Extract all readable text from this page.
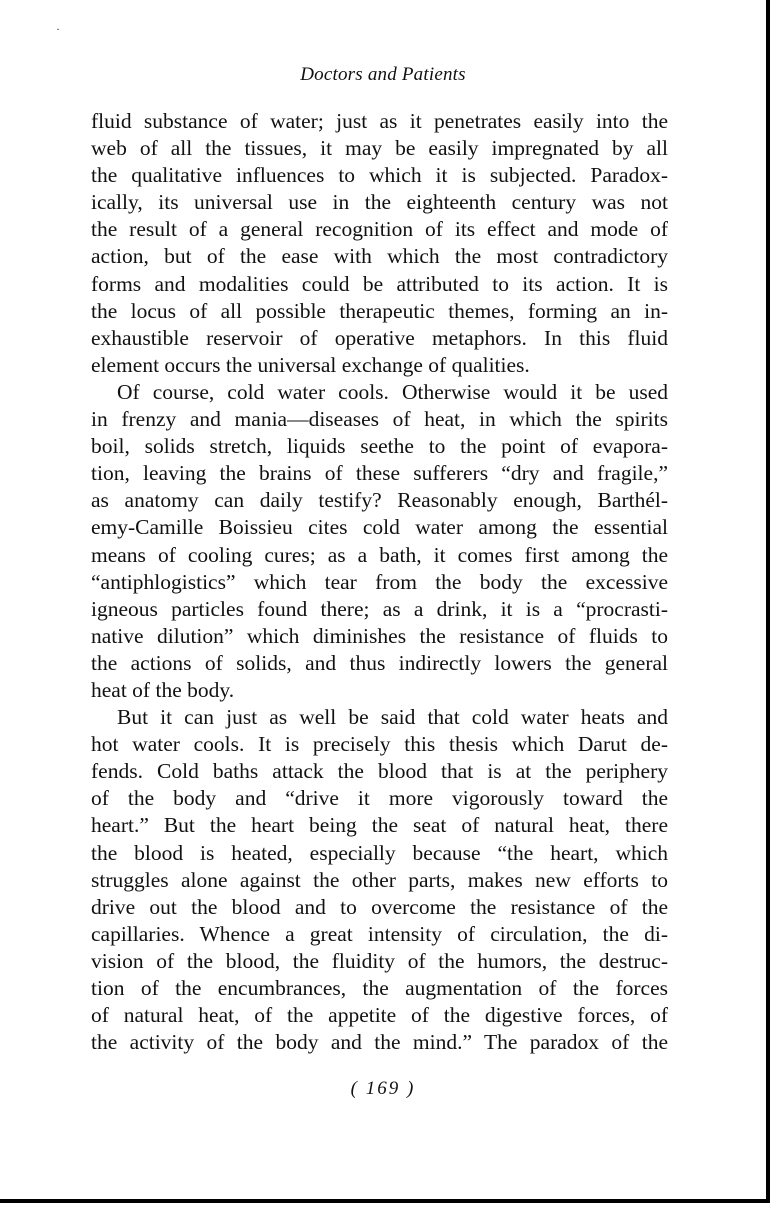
·
Doctors and Patients
fluid substance of water; just as it penetrates easily into the
web of all the tissues, it may be easily impregnated by all
the qualitative influences to which it is subjected. Paradox-
ically, its universal use in the eighteenth century was not
the result of a general recognition of its effect and mode of
action, but of the ease with which the most contradictory
forms and modalities could be attributed to its action. It is
the locus of all possible therapeutic themes, forming an in-
exhaustible reservoir of operative metaphors. In this fluid
element occurs the universal exchange of qualities.
Of course, cold water cools. Otherwise would it be used
in frenzy and mania—diseases of heat, in which the spirits
boil, solids stretch, liquids seethe to the point of evapora-
tion, leaving the brains of these sufferers “dry and fragile,”
as anatomy can daily testify? Reasonably enough, Barthél-
emy-Camille Boissieu cites cold water among the essential
means of cooling cures; as a bath, it comes first among the
“antiphlogistics” which tear from the body the excessive
igneous particles found there; as a drink, it is a “procrasti-
native dilution” which diminishes the resistance of fluids to
the actions of solids, and thus indirectly lowers the general
heat of the body.
But it can just as well be said that cold water heats and
hot water cools. It is precisely this thesis which Darut de-
fends. Cold baths attack the blood that is at the periphery
of the body and “drive it more vigorously toward the
heart.” But the heart being the seat of natural heat, there
the blood is heated, especially because “the heart, which
struggles alone against the other parts, makes new efforts to
drive out the blood and to overcome the resistance of the
capillaries. Whence a great intensity of circulation, the di-
vision of the blood, the fluidity of the humors, the destruc-
tion of the encumbrances, the augmentation of the forces
of natural heat, of the appetite of the digestive forces, of
the activity of the body and the mind.” The paradox of the
( 169 )
